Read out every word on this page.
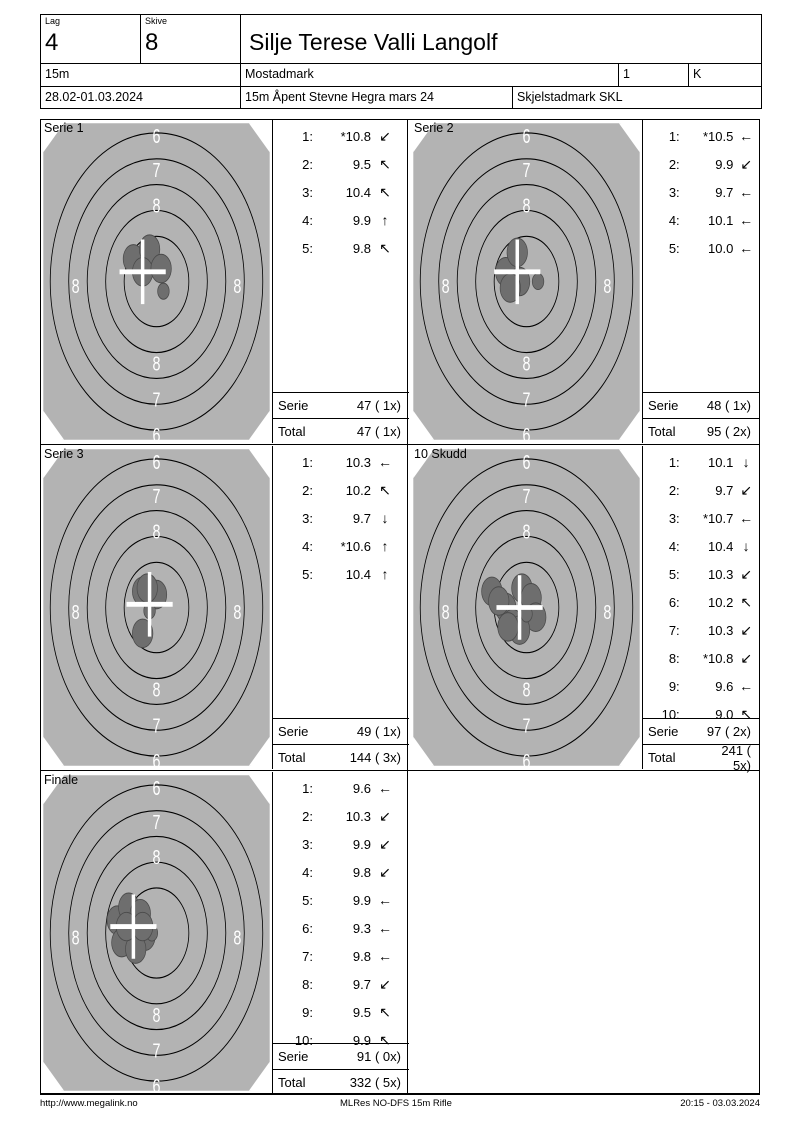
Lag
4
Skive
8	Silje Terese Valli Langolf
15m	Mostadmark	1	K
28.02-01.03.2024	15m Åpent Stevne Hegra mars 24	Skjelstadmark SKL
6
7
8
8	8
8
7
6
Serie 1
1:	*10.8 ↙
2:	9.5 ↖
3:	10.4 ↖
4:	9.9 ↑
5:	9.8 ↖
Serie	47 ( 1x)
Total	47 ( 1x)
6
7
8
8	8
8
7
6
Serie 2
1:	*10.5 ←
2:	9.9 ↙
3:	9.7 ←
4:	10.1 ←
5:	10.0 ←
Serie	48 ( 1x)
Total	95 ( 2x)
6
7
8
8	8
8
7
6
Serie 3
1:	10.3 ←
2:	10.2 ↖
3:	9.7 ↓
4:	*10.6 ↑
5:	10.4 ↑
Serie	49 ( 1x)
Total	144 ( 3x)
6
7
8
8	8
8
7
6
10 Skudd
1:	10.1 ↓
2:	9.7 ↙
3:	*10.7 ←
4:	10.4 ↓
5:	10.3 ↙
6:	10.2 ↖
7:	10.3 ↙
8:	*10.8 ↙
9:	9.6 ←
10:	9.0 ↖
Serie	97 ( 2x)
Total	241 ( 5x)
6
7
8
8	8
8
7
6
Finale
1:	9.6 ←
2:	10.3 ↙
3:	9.9 ↙
4:	9.8 ↙
5:	9.9 ←
6:	9.3 ←
7:	9.8 ←
8:	9.7 ↙
9:	9.5 ↖
10:	9.9 ↖
Serie	91 ( 0x)
Total	332 ( 5x)
http://www.megalink.no	MLRes NO-DFS 15m Rifle	20:15 - 03.03.2024
